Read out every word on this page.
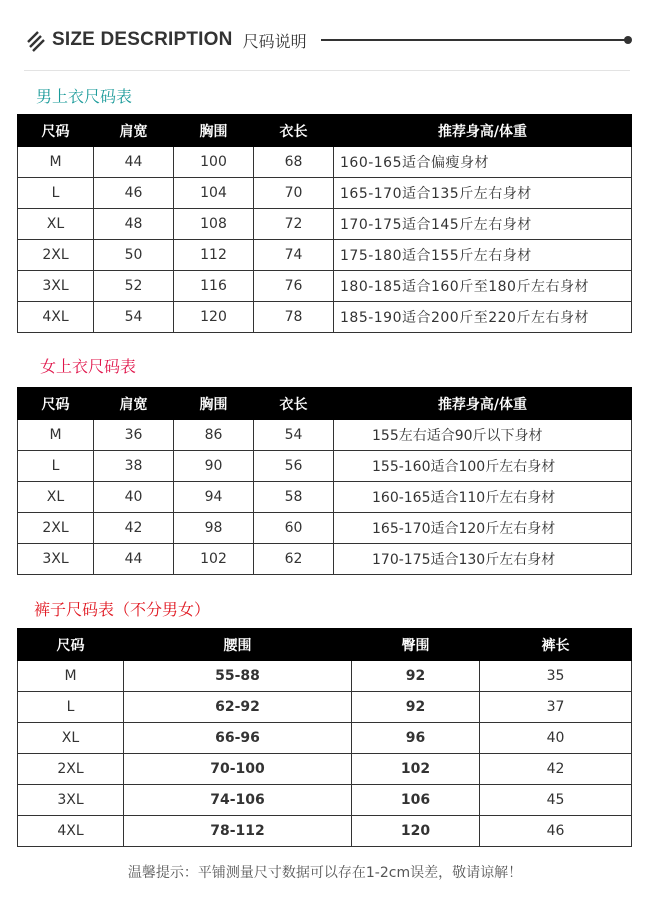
SIZE DESCRIPTION 尺码说明
男上衣尺码表
尺码	肩宽	胸围	衣长	推荐身高/体重
M	44	100	68	160-165适合偏瘦身材
L	46	104	70	165-170适合135斤左右身材
XL	48	108	72	170-175适合145斤左右身材
2XL	50	112	74	175-180适合155斤左右身材
3XL	52	116	76	180-185适合160斤至180斤左右身材
4XL	54	120	78	185-190适合200斤至220斤左右身材
女上衣尺码表
尺码	肩宽	胸围	衣长	推荐身高/体重
M	36	86	54	155左右适合90斤以下身材
L	38	90	56	155-160适合100斤左右身材
XL	40	94	58	160-165适合110斤左右身材
2XL	42	98	60	165-170适合120斤左右身材
3XL	44	102	62	170-175适合130斤左右身材
裤子尺码表（不分男女）
尺码	腰围	臀围	裤长
M	55-88	92	35
L	62-92	92	37
XL	66-96	96	40
2XL	70-100	102	42
3XL	74-106	106	45
4XL	78-112	120	46
温馨提示：平铺测量尺寸数据可以存在1-2cm误差，敬请谅解！
